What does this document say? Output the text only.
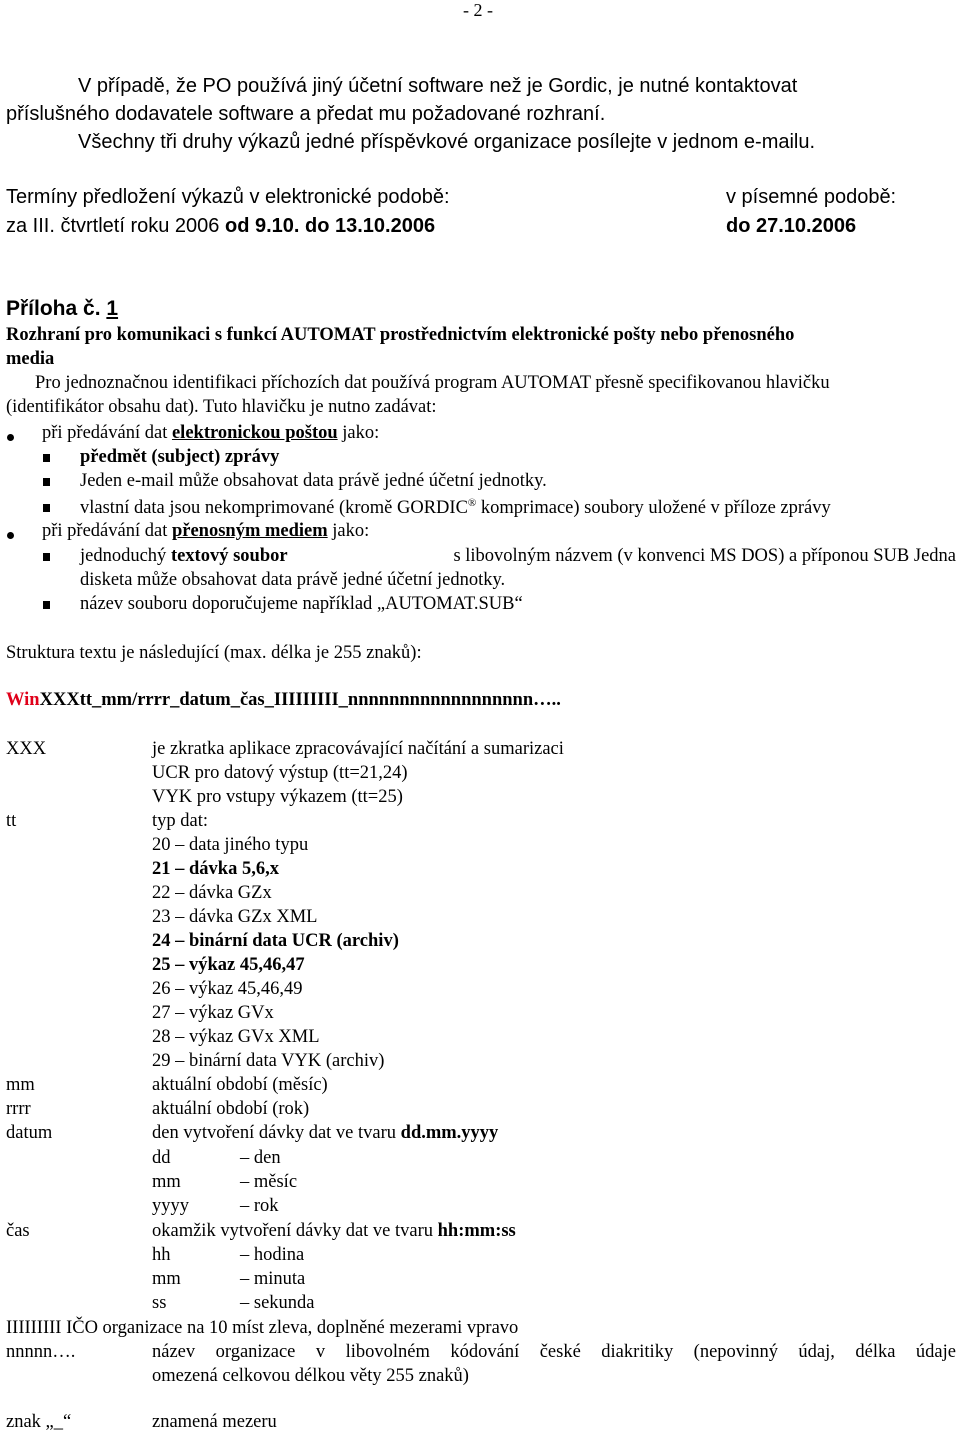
- 2 -
V případě, že PO používá jiný účetní software než je Gordic, je nutné kontaktovat
příslušného dodavatele software a předat mu požadované rozhraní.
Všechny tři druhy výkazů jedné příspěvkové organizace posílejte v jednom e-mailu.
Termíny předložení výkazů v elektronické podobě:	v písemné podobě:
za III. čtvrtletí roku 2006 od 9.10. do 13.10.2006	do 27.10.2006
Příloha č. 1
Rozhraní pro komunikaci s funkcí AUTOMAT prostřednictvím elektronické pošty nebo přenosného
media
Pro jednoznačnou identifikaci příchozích dat používá program AUTOMAT přesně specifikovanou hlavičku
(identifikátor obsahu dat). Tuto hlavičku je nutno zadávat:
při předávání dat elektronickou poštou jako:
předmět (subject) zprávy
Jeden e-mail může obsahovat data právě jedné účetní jednotky.
vlastní data jsou nekomprimované (kromě GORDIC® komprimace) soubory uložené v příloze zprávy
při předávání dat přenosným mediem jako:
jednoduchý textový soubor	s libovolným názvem (v konvenci MS DOS) a příponou SUB Jedna
disketa může obsahovat data právě jedné účetní jednotky.
název souboru doporučujeme například „AUTOMAT.SUB“
Struktura textu je následující (max. délka je 255 znaků):
WinXXXtt_mm/rrrr_datum_čas_IIIIIIIII_nnnnnnnnnnnnnnnnnn…..
XXX	je zkratka aplikace zpracovávající načítání a sumarizaci
UCR pro datový výstup (tt=21,24)
VYK pro vstupy výkazem (tt=25)
tt	typ dat:
20 – data jiného typu
21 – dávka 5,6,x
22 – dávka GZx
23 – dávka GZx XML
24 – binární data UCR (archiv)
25 – výkaz 45,46,47
26 – výkaz 45,46,49
27 – výkaz GVx
28 – výkaz GVx XML
29 – binární data VYK (archiv)
mm	aktuální období (měsíc)
rrrr	aktuální období (rok)
datum	den vytvoření dávky dat ve tvaru dd.mm.yyyy
dd	– den
mm	– měsíc
yyyy	– rok
čas	okamžik vytvoření dávky dat ve tvaru hh:mm:ss
hh	– hodina
mm	– minuta
ss	– sekunda
IIIIIIIII IČO organizace na 10 míst zleva, doplněné mezerami vpravo
nnnnn….	název organizace v libovolném kódování české diakritiky (nepovinný údaj, délka údaje
omezená celkovou délkou věty 255 znaků)
znak „_“	znamená mezeru
